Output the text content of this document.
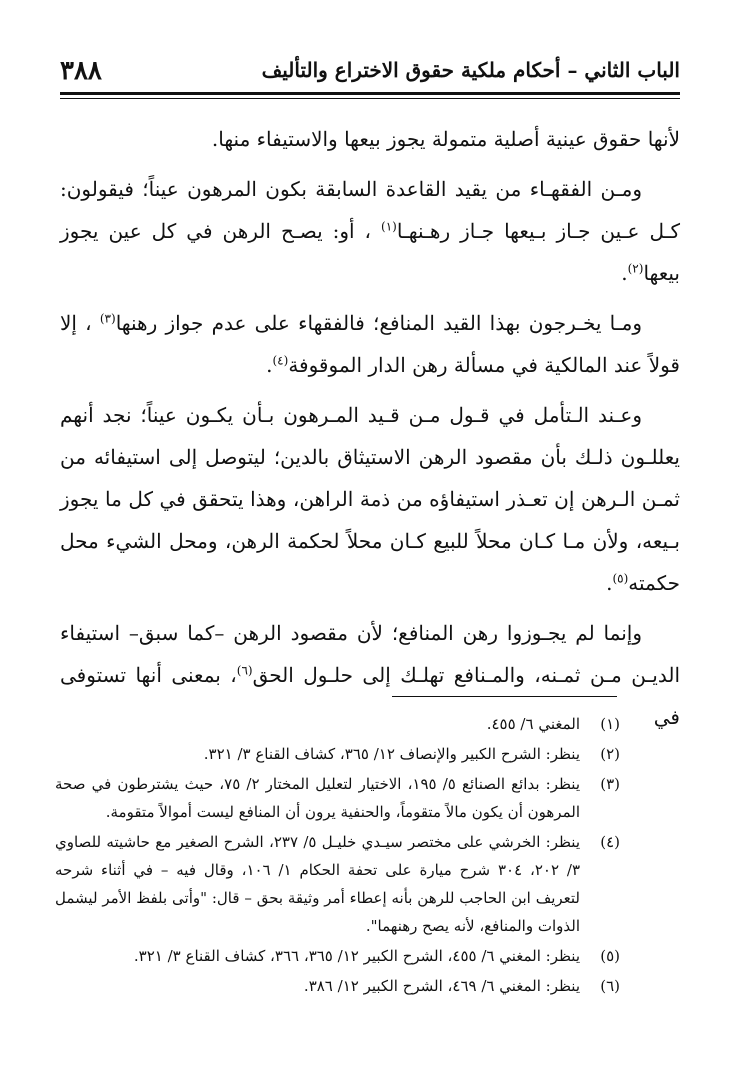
٣٨٨	الباب الثاني – أحكام ملكية حقوق الاختراع والتأليف

لأنها حقوق عينية أصلية متمولة يجوز بيعها والاستيفاء منها.

ومـن الفقهـاء من يقيد القاعدة السابقة بكون المرهون عيناً؛ فيقولون: كـل عـين جـاز بـيعها جـاز رهـنهـا$^{(١)}$ ، أو: يصـح الرهن في كل عين يجوز بيعها$^{(٢)}$.

ومـا يخـرجون بهذا القيد المنافع؛ فالفقهاء على عدم جواز رهنها$^{(٣)}$ ، إلا قولاً عند المالكية في مسألة رهن الدار الموقوفة$^{(٤)}$.

وعـند الـتأمل في قـول مـن قـيد المـرهون بـأن يكـون عيناً؛ نجد أنهم يعللـون ذلـك بأن مقصود الرهن الاستيثاق بالدين؛ ليتوصل إلى استيفائه من ثمـن الـرهن إن تعـذر استيفاؤه من ذمة الراهن، وهذا يتحقق في كل ما يجوز بـيعه، ولأن مـا كـان محلاً للبيع كـان محلاً لحكمة الرهن، ومحل الشيء محل حكمته$^{(٥)}$.

وإنما لم يجـوزوا رهن المنافع؛ لأن مقصود الرهن –كما سبق– استيفاء الديـن مـن ثمـنه، والمـنافع تهلـك إلى حلـول الحق$^{(٦)}$، بمعنى أنها تستوفى في

(١)
المغني ٦/ ٤٥٥.
(٢)
ينظر: الشرح الكبير والإنصاف ١٢/ ٣٦٥، كشاف القناع ٣/ ٣٢١.
(٣)
ينظر: بدائع الصنائع ٥/ ١٩٥، الاختيار لتعليل المختار ٢/ ٧٥، حيث يشترطون في صحة المرهون أن يكون مالاً متقوماً، والحنفية يرون أن المنافع ليست أموالاً متقومة.
(٤)
ينظر: الخرشي على مختصر سيـدي خليـل ٥/ ٢٣٧، الشرح الصغير مع حاشيته للصاوي ٣/ ٢٠٢، ٣٠٤ شرح ميارة على تحفة الحكام ١/ ١٠٦، وقال فيه – في أثناء شرحه لتعريف ابن الحاجب للرهن بأنه إعطاء أمر وثيقة بحق – قال: "وأتى بلفظ الأمر ليشمل الذوات والمنافع، لأنه يصح رهنهما".
(٥)
ينظر: المغني ٦/ ٤٥٥، الشرح الكبير ١٢/ ٣٦٥، ٣٦٦، كشاف القناع ٣/ ٣٢١.
(٦)
ينظر: المغني ٦/ ٤٦٩، الشرح الكبير ١٢/ ٣٨٦.
